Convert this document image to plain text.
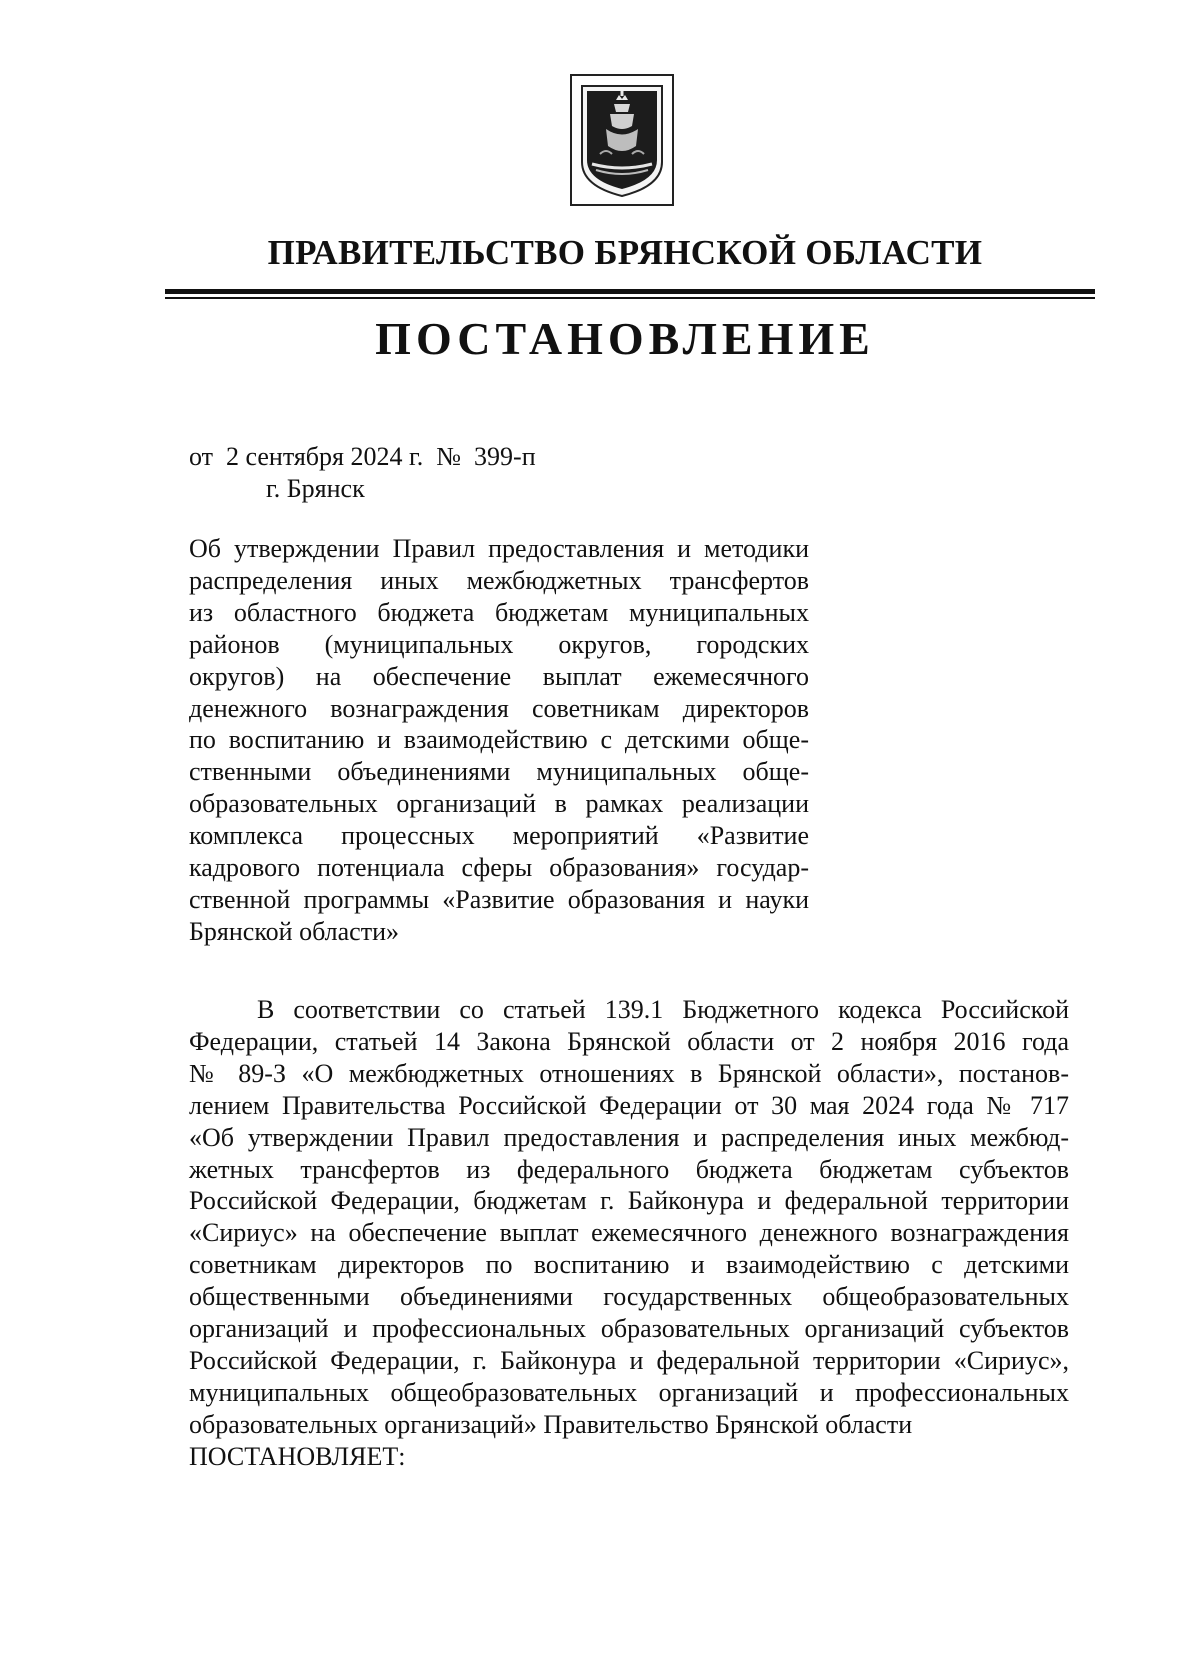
ПРАВИТЕЛЬСТВО БРЯНСКОЙ ОБЛАСТИ
ПОСТАНОВЛЕНИЕ
от  2 сентября 2024 г.  №  399-п
г. Брянск
Об утверждении Правил предоставления и методики
распределения иных межбюджетных трансфертов
из областного бюджета бюджетам муниципальных
районов (муниципальных округов, городских
округов) на обеспечение выплат ежемесячного
денежного вознаграждения советникам директоров
по воспитанию и взаимодействию с детскими обще-
ственными объединениями муниципальных обще-
образовательных организаций в рамках реализации
комплекса процессных мероприятий «Развитие
кадрового потенциала сферы образования» государ-
ственной программы «Развитие образования и науки
Брянской области»
В соответствии со статьей 139.1 Бюджетного кодекса Российской
Федерации, статьей 14 Закона Брянской области от 2 ноября 2016 года
№ 89-З «О межбюджетных отношениях в Брянской области», постанов-
лением Правительства Российской Федерации от 30 мая 2024 года № 717
«Об утверждении Правил предоставления и распределения иных межбюд-
жетных трансфертов из федерального бюджета бюджетам субъектов
Российской Федерации, бюджетам г. Байконура и федеральной территории
«Сириус» на обеспечение выплат ежемесячного денежного вознаграждения
советникам директоров по воспитанию и взаимодействию с детскими
общественными объединениями государственных общеобразовательных
организаций и профессиональных образовательных организаций субъектов
Российской Федерации, г. Байконура и федеральной территории «Сириус»,
муниципальных общеобразовательных организаций и профессиональных
образовательных организаций» Правительство Брянской области
ПОСТАНОВЛЯЕТ:
